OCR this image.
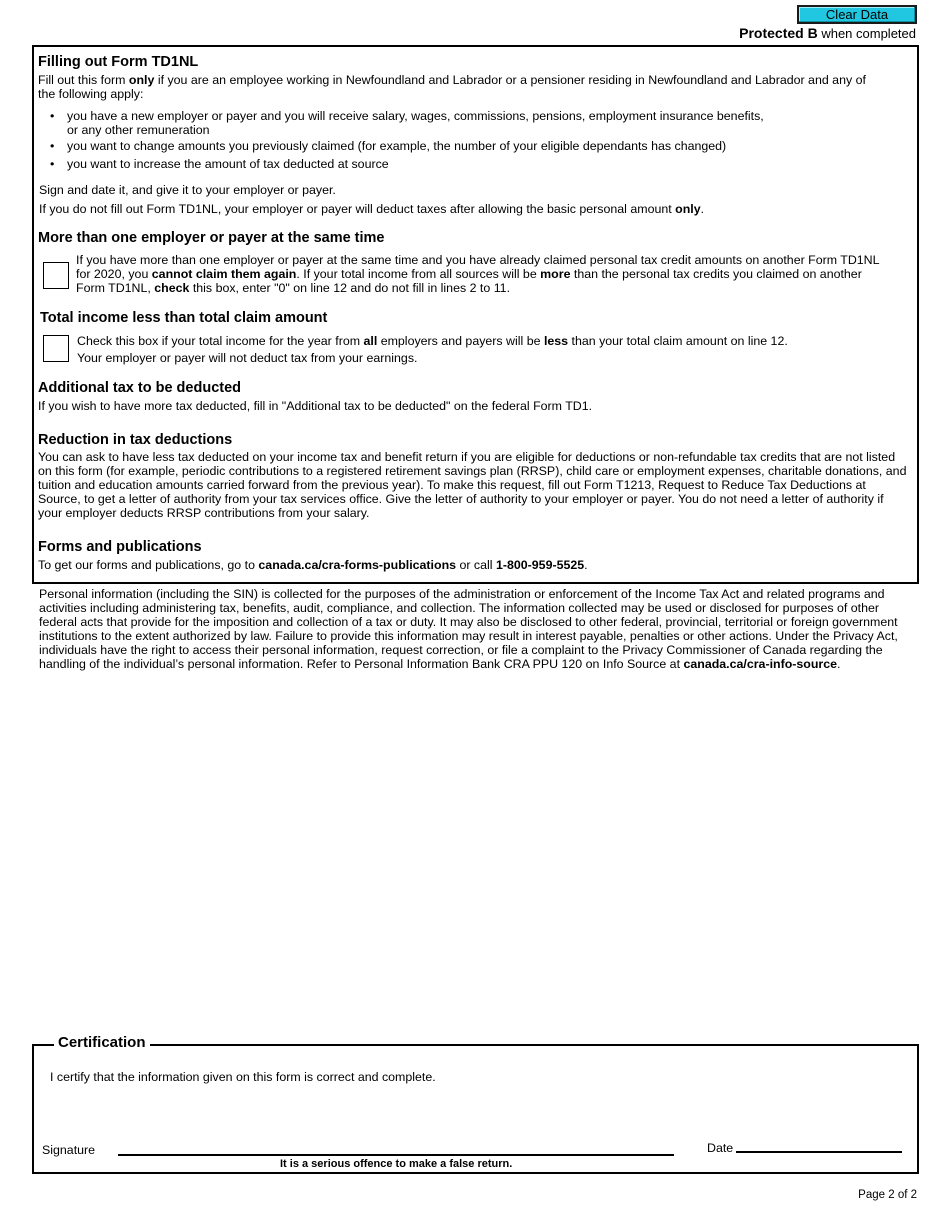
Clear Data
Protected B when completed
Filling out Form TD1NL

Fill out this form only if you are an employee working in Newfoundland and Labrador or a pensioner residing in Newfoundland and Labrador and any of the following apply:

• you have a new employer or payer and you will receive salary, wages, commissions, pensions, employment insurance benefits,
or any other remuneration
• you want to change amounts you previously claimed (for example, the number of your eligible dependants has changed)
• you want to increase the amount of tax deducted at source

Sign and date it, and give it to your employer or payer.

If you do not fill out Form TD1NL, your employer or payer will deduct taxes after allowing the basic personal amount only.

More than one employer or payer at the same time

If you have more than one employer or payer at the same time and you have already claimed personal tax credit amounts on another Form TD1NL for 2020, you cannot claim them again. If your total income from all sources will be more than the personal tax credits you claimed on another Form TD1NL, check this box, enter "0" on line 12 and do not fill in lines 2 to 11.

Total income less than total claim amount

Check this box if your total income for the year from all employers and payers will be less than your total claim amount on line 12.

Your employer or payer will not deduct tax from your earnings.

Additional tax to be deducted

If you wish to have more tax deducted, fill in "Additional tax to be deducted" on the federal Form TD1.

Reduction in tax deductions

You can ask to have less tax deducted on your income tax and benefit return if you are eligible for deductions or non-refundable tax credits that are not listed on this form (for example, periodic contributions to a registered retirement savings plan (RRSP), child care or employment expenses, charitable donations, and tuition and education amounts carried forward from the previous year). To make this request, fill out Form T1213, Request to Reduce Tax Deductions at Source, to get a letter of authority from your tax services office. Give the letter of authority to your employer or payer. You do not need a letter of authority if your employer deducts RRSP contributions from your salary.

Forms and publications

To get our forms and publications, go to canada.ca/cra-forms-publications or call 1-800-959-5525.

Personal information (including the SIN) is collected for the purposes of the administration or enforcement of the Income Tax Act and related programs and activities including administering tax, benefits, audit, compliance, and collection. The information collected may be used or disclosed for purposes of other federal acts that provide for the imposition and collection of a tax or duty. It may also be disclosed to other federal, provincial, territorial or foreign government institutions to the extent authorized by law. Failure to provide this information may result in interest payable, penalties or other actions. Under the Privacy Act, individuals have the right to access their personal information, request correction, or file a complaint to the Privacy Commissioner of Canada regarding the handling of the individual’s personal information. Refer to Personal Information Bank CRA PPU 120 on Info Source at canada.ca/cra-info-source.

Certification

I certify that the information given on this form is correct and complete.

Signature

It is a serious offence to make a false return.

Date

Page 2 of 2
